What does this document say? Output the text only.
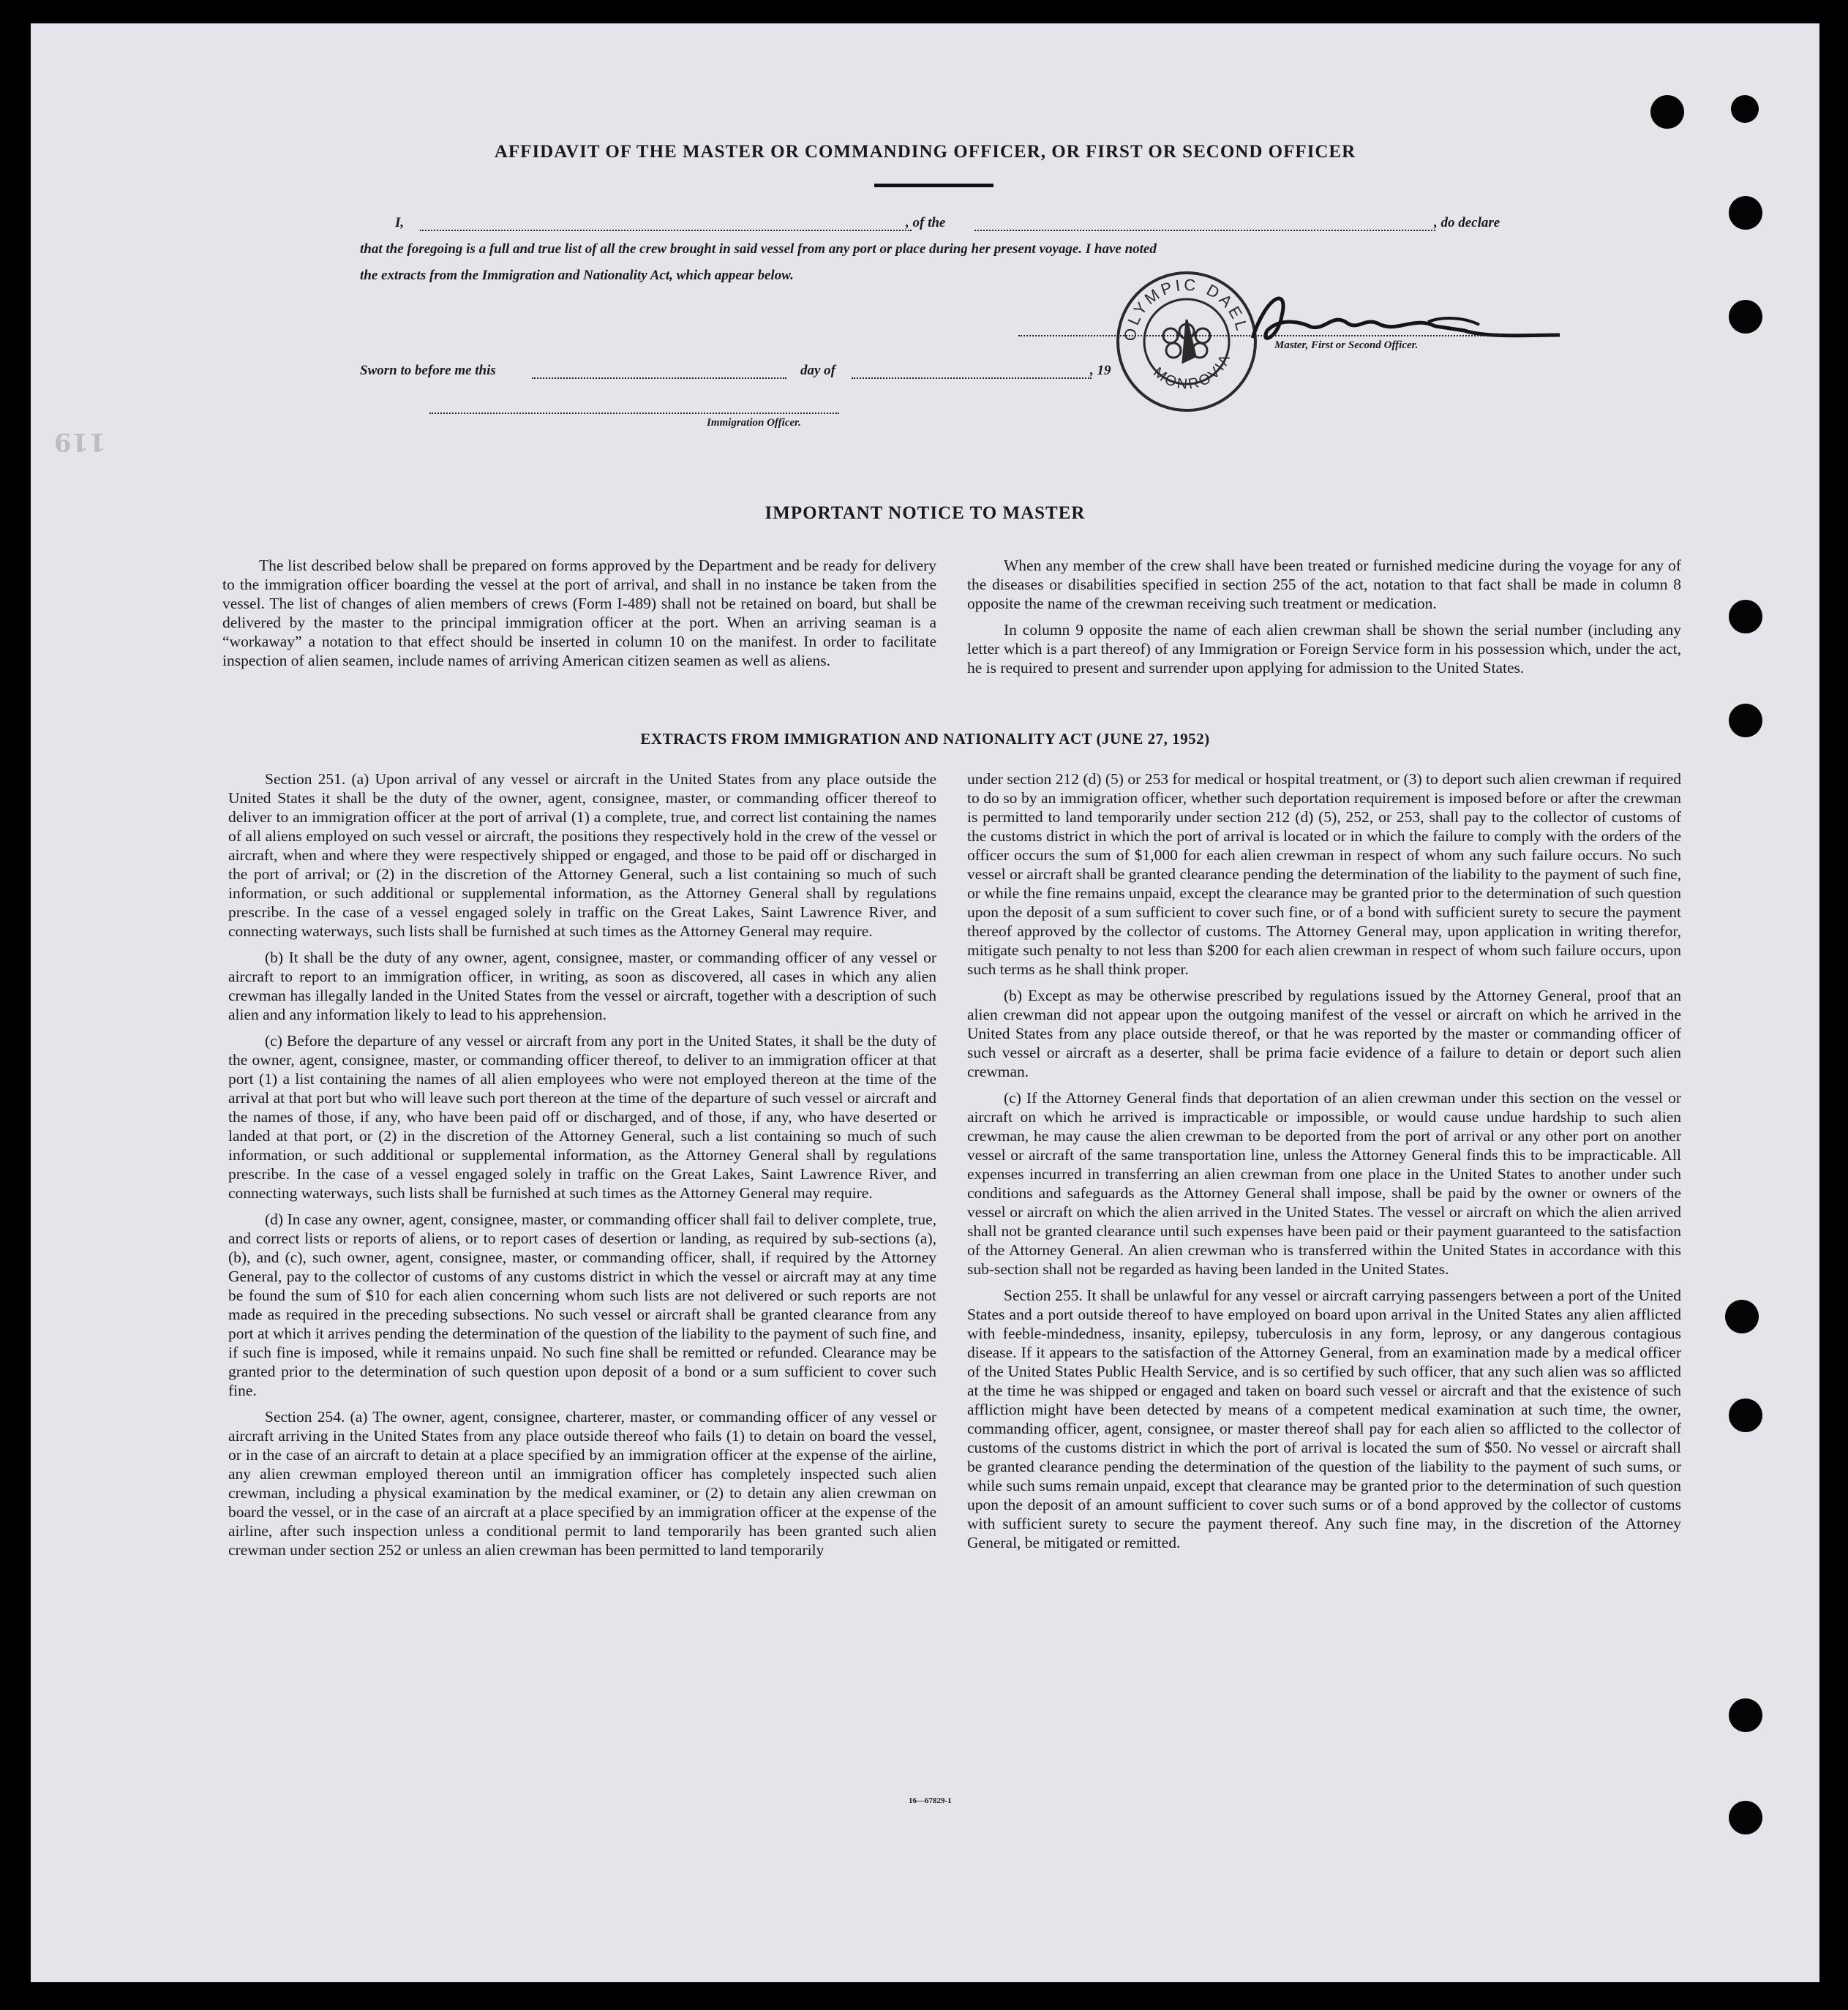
119
AFFIDAVIT OF THE MASTER OR COMMANDING OFFICER, OR FIRST OR SECOND OFFICER
I,	, of the	, do declare
that the foregoing is a full and true list of all the crew brought in said vessel from any port or place during her present voyage. I have noted
the extracts from the Immigration and Nationality Act, which appear below.
OLYMPIC DAEL
MONROVIA
Master, First or Second Officer.
Sworn to before me this	day of	, 19
Immigration Officer.
IMPORTANT NOTICE TO MASTER

The list described below shall be prepared on forms approved by the Department and be ready for delivery to the immigration officer boarding the vessel at the port of arrival, and shall in no instance be taken from the vessel. The list of changes of alien members of crews (Form I-489) shall not be retained on board, but shall be delivered by the master to the principal immigration officer at the port. When an arriving seaman is a “workaway” a notation to that effect should be inserted in column 10 on the manifest. In order to facilitate inspection of alien seamen, include names of arriving American citizen seamen as well as aliens.

When any member of the crew shall have been treated or furnished medicine during the voyage for any of the diseases or disabilities specified in section 255 of the act, notation to that fact shall be made in column 8 opposite the name of the crewman receiving such treatment or medication.

In column 9 opposite the name of each alien crewman shall be shown the serial number (including any letter which is a part thereof) of any Immigration or Foreign Service form in his possession which, under the act, he is required to present and surrender upon applying for admission to the United States.

EXTRACTS FROM IMMIGRATION AND NATIONALITY ACT (JUNE 27, 1952)

Section 251. (a) Upon arrival of any vessel or aircraft in the United States from any place outside the United States it shall be the duty of the owner, agent, consignee, master, or commanding officer thereof to deliver to an immigration officer at the port of arrival (1) a complete, true, and correct list containing the names of all aliens employed on such vessel or aircraft, the positions they respectively hold in the crew of the vessel or aircraft, when and where they were respectively shipped or engaged, and those to be paid off or discharged in the port of arrival; or (2) in the discretion of the Attorney General, such a list containing so much of such information, or such additional or supplemental information, as the Attorney General shall by regulations prescribe. In the case of a vessel engaged solely in traffic on the Great Lakes, Saint Lawrence River, and connecting waterways, such lists shall be furnished at such times as the Attorney General may require.

(b) It shall be the duty of any owner, agent, consignee, master, or commanding officer of any vessel or aircraft to report to an immigration officer, in writing, as soon as discovered, all cases in which any alien crewman has illegally landed in the United States from the vessel or aircraft, together with a description of such alien and any information likely to lead to his apprehension.

(c) Before the departure of any vessel or aircraft from any port in the United States, it shall be the duty of the owner, agent, consignee, master, or commanding officer thereof, to deliver to an immigration officer at that port (1) a list containing the names of all alien employees who were not employed thereon at the time of the arrival at that port but who will leave such port thereon at the time of the departure of such vessel or aircraft and the names of those, if any, who have been paid off or discharged, and of those, if any, who have deserted or landed at that port, or (2) in the discretion of the Attorney General, such a list containing so much of such information, or such additional or supplemental information, as the Attorney General shall by regulations prescribe. In the case of a vessel engaged solely in traffic on the Great Lakes, Saint Lawrence River, and connecting waterways, such lists shall be furnished at such times as the Attorney General may require.

(d) In case any owner, agent, consignee, master, or commanding officer shall fail to deliver complete, true, and correct lists or reports of aliens, or to report cases of desertion or landing, as required by sub-sections (a), (b), and (c), such owner, agent, consignee, master, or commanding officer, shall, if required by the Attorney General, pay to the collector of customs of any customs district in which the vessel or aircraft may at any time be found the sum of $10 for each alien concerning whom such lists are not delivered or such reports are not made as required in the preceding subsections. No such vessel or aircraft shall be granted clearance from any port at which it arrives pending the determination of the question of the liability to the payment of such fine, and if such fine is imposed, while it remains unpaid. No such fine shall be remitted or refunded. Clearance may be granted prior to the determination of such question upon deposit of a bond or a sum sufficient to cover such fine.

Section 254. (a) The owner, agent, consignee, charterer, master, or commanding officer of any vessel or aircraft arriving in the United States from any place outside thereof who fails (1) to detain on board the vessel, or in the case of an aircraft to detain at a place specified by an immigration officer at the expense of the airline, any alien crewman employed thereon until an immigration officer has completely inspected such alien crewman, including a physical examination by the medical examiner, or (2) to detain any alien crewman on board the vessel, or in the case of an aircraft at a place specified by an immigration officer at the expense of the airline, after such inspection unless a conditional permit to land temporarily has been granted such alien crewman under section 252 or unless an alien crewman has been permitted to land temporarily

under section 212 (d) (5) or 253 for medical or hospital treatment, or (3) to deport such alien crewman if required to do so by an immigration officer, whether such deportation requirement is imposed before or after the crewman is permitted to land temporarily under section 212 (d) (5), 252, or 253, shall pay to the collector of customs of the customs district in which the port of arrival is located or in which the failure to comply with the orders of the officer occurs the sum of $1,000 for each alien crewman in respect of whom any such failure occurs. No such vessel or aircraft shall be granted clearance pending the determination of the liability to the payment of such fine, or while the fine remains unpaid, except the clearance may be granted prior to the determination of such question upon the deposit of a sum sufficient to cover such fine, or of a bond with sufficient surety to secure the payment thereof approved by the collector of customs. The Attorney General may, upon application in writing therefor, mitigate such penalty to not less than $200 for each alien crewman in respect of whom such failure occurs, upon such terms as he shall think proper.

(b) Except as may be otherwise prescribed by regulations issued by the Attorney General, proof that an alien crewman did not appear upon the outgoing manifest of the vessel or aircraft on which he arrived in the United States from any place outside thereof, or that he was reported by the master or commanding officer of such vessel or aircraft as a deserter, shall be prima facie evidence of a failure to detain or deport such alien crewman.

(c) If the Attorney General finds that deportation of an alien crewman under this section on the vessel or aircraft on which he arrived is impracticable or impossible, or would cause undue hardship to such alien crewman, he may cause the alien crewman to be deported from the port of arrival or any other port on another vessel or aircraft of the same transportation line, unless the Attorney General finds this to be impracticable. All expenses incurred in transferring an alien crewman from one place in the United States to another under such conditions and safeguards as the Attorney General shall impose, shall be paid by the owner or owners of the vessel or aircraft on which the alien arrived in the United States. The vessel or aircraft on which the alien arrived shall not be granted clearance until such expenses have been paid or their payment guaranteed to the satisfaction of the Attorney General. An alien crewman who is transferred within the United States in accordance with this sub-section shall not be regarded as having been landed in the United States.

Section 255. It shall be unlawful for any vessel or aircraft carrying passengers between a port of the United States and a port outside thereof to have employed on board upon arrival in the United States any alien afflicted with feeble-mindedness, insanity, epilepsy, tuberculosis in any form, leprosy, or any dangerous contagious disease. If it appears to the satisfaction of the Attorney General, from an examination made by a medical officer of the United States Public Health Service, and is so certified by such officer, that any such alien was so afflicted at the time he was shipped or engaged and taken on board such vessel or aircraft and that the existence of such affliction might have been detected by means of a competent medical examination at such time, the owner, commanding officer, agent, consignee, or master thereof shall pay for each alien so afflicted to the collector of customs of the customs district in which the port of arrival is located the sum of $50. No vessel or aircraft shall be granted clearance pending the determination of the question of the liability to the payment of such sums, or while such sums remain unpaid, except that clearance may be granted prior to the determination of such question upon the deposit of an amount sufficient to cover such sums or of a bond approved by the collector of customs with sufficient surety to secure the payment thereof. Any such fine may, in the discretion of the Attorney General, be mitigated or remitted.

16—67829-1
